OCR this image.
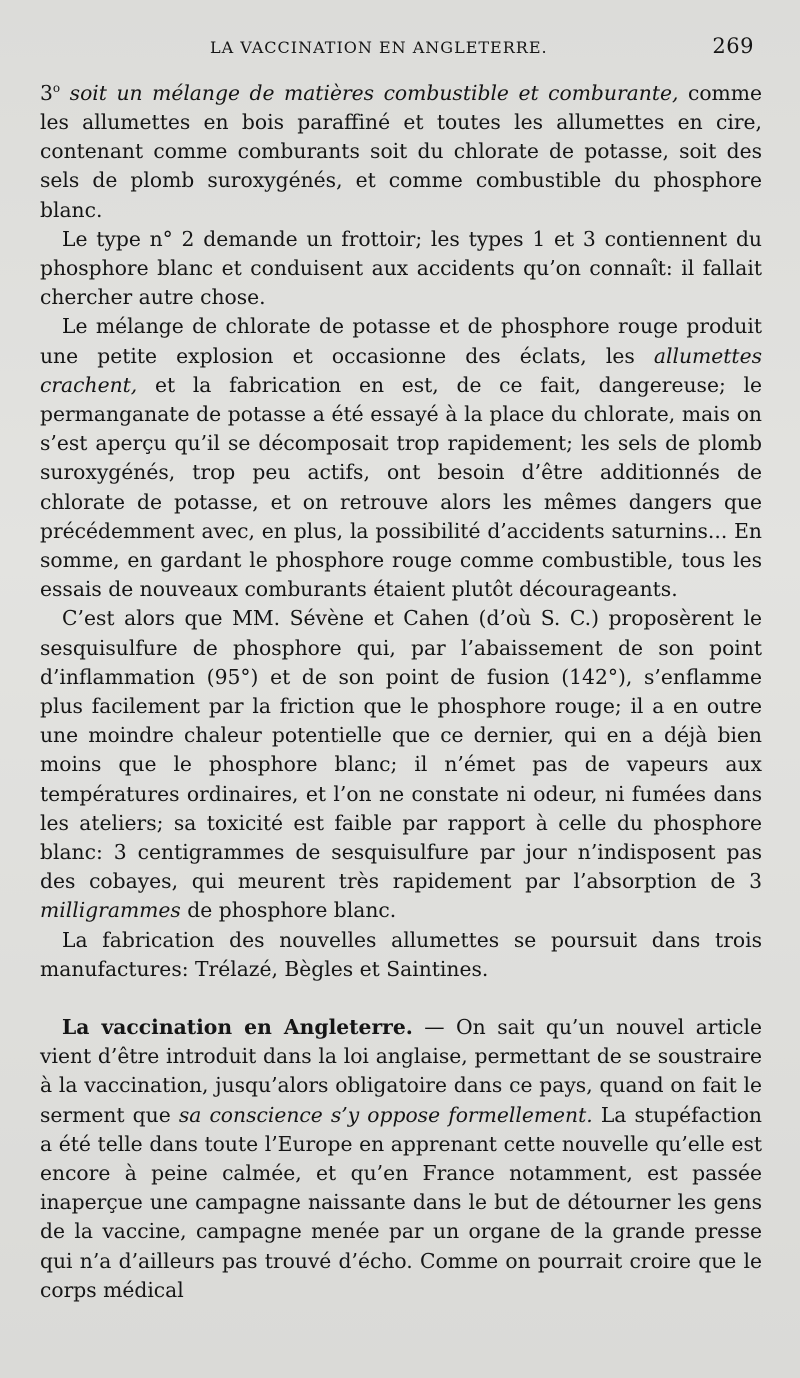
LA VACCINATION EN ANGLETERRE.	269

3$^o$ soit un mélange de matières combustible et comburante, comme les allumettes en bois paraffiné et toutes les allumettes en cire, contenant comme comburants soit du chlorate de potasse, soit des sels de plomb suroxygénés, et comme combustible du phosphore blanc.

Le type n° 2 demande un frottoir; les types 1 et 3 contiennent du phosphore blanc et conduisent aux accidents qu’on connaît: il fallait chercher autre chose.

Le mélange de chlorate de potasse et de phosphore rouge produit une petite explosion et occasionne des éclats, les allumettes crachent, et la fabrication en est, de ce fait, dangereuse; le permanganate de potasse a été essayé à la place du chlorate, mais on s’est aperçu qu’il se décomposait trop rapidement; les sels de plomb suroxygénés, trop peu actifs, ont besoin d’être additionnés de chlorate de potasse, et on retrouve alors les mêmes dangers que précédemment avec, en plus, la possibilité d’accidents saturnins... En somme, en gardant le phosphore rouge comme combustible, tous les essais de nouveaux comburants étaient plutôt décourageants.

C’est alors que MM. Sévène et Cahen (d’où S. C.) proposèrent le sesquisulfure de phosphore qui, par l’abaissement de son point d’inflammation (95°) et de son point de fusion (142°), s’enflamme plus facilement par la friction que le phosphore rouge; il a en outre une moindre chaleur potentielle que ce dernier, qui en a déjà bien moins que le phosphore blanc; il n’émet pas de vapeurs aux températures ordinaires, et l’on ne constate ni odeur, ni fumées dans les ateliers; sa toxicité est faible par rapport à celle du phosphore blanc: 3 centigrammes de sesquisulfure par jour n’indisposent pas des cobayes, qui meurent très rapidement par l’absorption de 3 milligrammes de phosphore blanc.

La fabrication des nouvelles allumettes se poursuit dans trois manufactures: Trélazé, Bègles et Saintines.

La vaccination en Angleterre. — On sait qu’un nouvel article vient d’être introduit dans la loi anglaise, permettant de se soustraire à la vaccination, jusqu’alors obligatoire dans ce pays, quand on fait le serment que sa conscience s’y oppose formellement. La stupéfaction a été telle dans toute l’Europe en apprenant cette nouvelle qu’elle est encore à peine calmée, et qu’en France notamment, est passée inaperçue une campagne naissante dans le but de détourner les gens de la vaccine, campagne menée par un organe de la grande presse qui n’a d’ailleurs pas trouvé d’écho. Comme on pourrait croire que le corps médical
